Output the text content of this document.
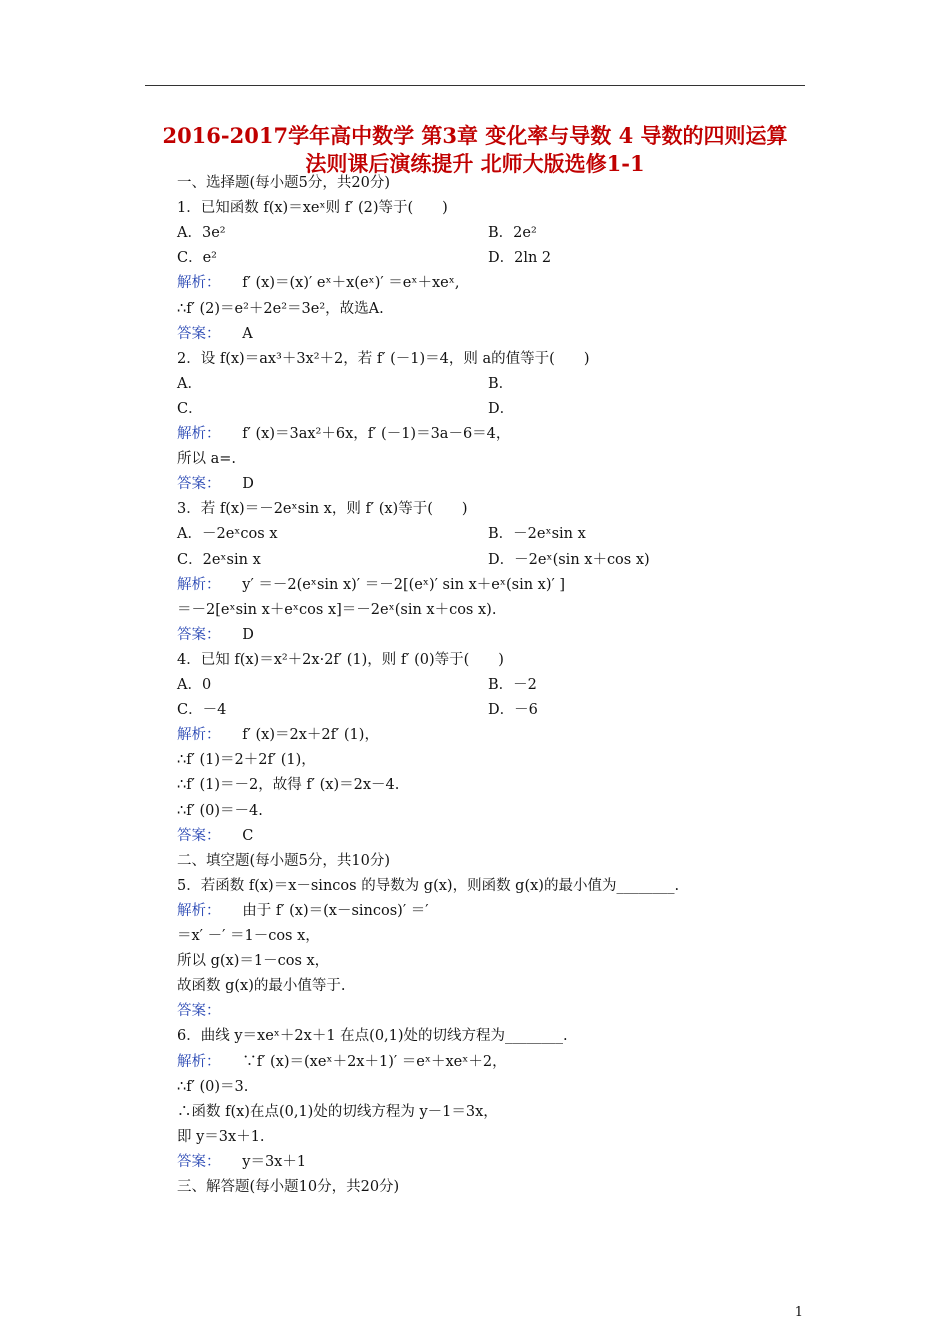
2016-2017学年高中数学 第3章 变化率与导数 4 导数的四则运算
法则课后演练提升 北师大版选修1-1
一、选择题(每小题5分，共20分)
1．已知函数 f(x)＝xeˣ则 f′ (2)等于(　　)
A．3e²	B．2e²
C．e²	D．2ln 2
解析：　　f′ (x)＝(x)′ eˣ＋x(eˣ)′ ＝eˣ＋xeˣ,
∴f′ (2)＝e²＋2e²＝3e²，故选A.
答案：　　A
2．设 f(x)＝ax³＋3x²＋2，若 f′ (－1)＝4，则 a的值等于(　　)
A．	B．
C．	D．
解析：　　f′ (x)＝3ax²＋6x，f′ (－1)＝3a－6＝4，
所以 a=.
答案：　　D
3．若 f(x)＝－2eˣsin x，则 f′ (x)等于(　　)
A．－2eˣcos x	B．－2eˣsin x
C．2eˣsin x	D．－2eˣ(sin x＋cos x)
解析：　　y′ ＝－2(eˣsin x)′ ＝－2[(eˣ)′ sin x＋eˣ(sin x)′ ]
＝－2[eˣsin x＋eˣcos x]＝－2eˣ(sin x＋cos x).
答案：　　D
4．已知 f(x)＝x²＋2x·2f′ (1)，则 f′ (0)等于(　　)
A．0	B．－2
C．－4	D．－6
解析：　　f′ (x)＝2x＋2f′ (1)，
∴f′ (1)＝2＋2f′ (1)，
∴f′ (1)＝－2，故得 f′ (x)＝2x－4.
∴f′ (0)＝－4.
答案：　　C
二、填空题(每小题5分，共10分)
5．若函数 f(x)＝x－sincos 的导数为 g(x)，则函数 g(x)的最小值为________.
解析：　　由于 f′ (x)＝(x－sincos)′ ＝′
＝x′ －′ ＝1－cos x，
所以 g(x)＝1－cos x，
故函数 g(x)的最小值等于.
答案：
6．曲线 y＝xeˣ＋2x＋1 在点(0,1)处的切线方程为________.
解析：　　∵f′ (x)＝(xeˣ＋2x＋1)′ ＝eˣ＋xeˣ＋2，
∴f′ (0)＝3.
∴函数 f(x)在点(0,1)处的切线方程为 y－1＝3x，
即 y＝3x＋1.
答案：　　y＝3x＋1
三、解答题(每小题10分，共20分)
1
